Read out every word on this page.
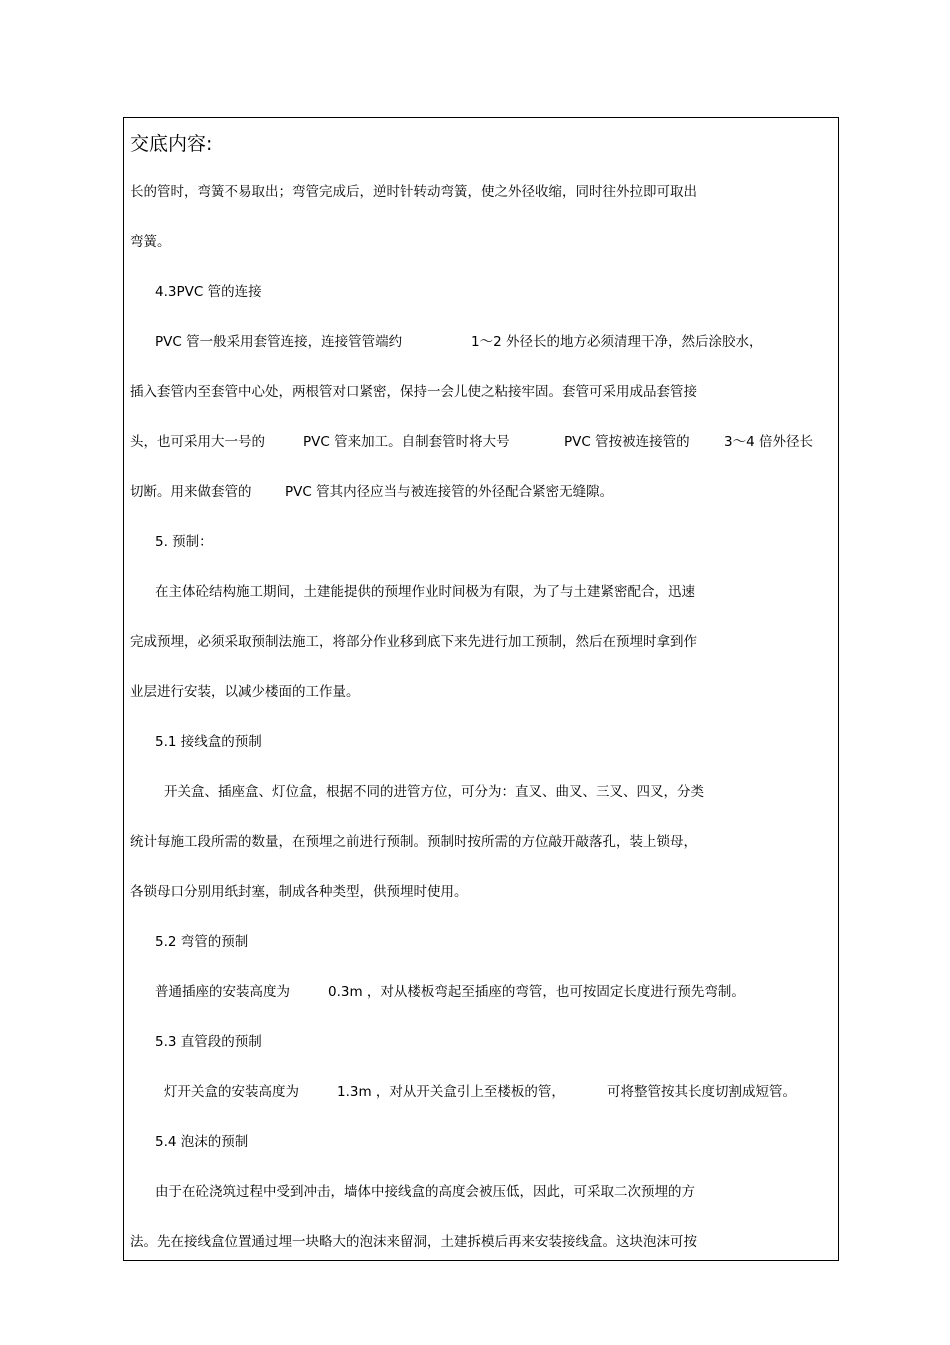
交底内容:
长的管时，弯簧不易取出；弯管完成后，逆时针转动弯簧，使之外径收缩，同时往外拉即可取出
弯簧。
4.3PVC 管的连接
PVC 管一般采用套管连接，连接管管端约	1～2 外径长的地方必须清理干净，然后涂胶水，
插入套管内至套管中心处，两根管对口紧密，保持一会儿使之粘接牢固。套管可采用成品套管接
头，也可采用大一号的	PVC 管来加工。自制套管时将大号	PVC 管按被连接管的	3～4 倍外径长
切断。用来做套管的 PVC 管其内径应当与被连接管的外径配合紧密无缝隙。
5. 预制：
在主体砼结构施工期间，土建能提供的预埋作业时间极为有限，为了与土建紧密配合，迅速
完成预埋，必须采取预制法施工，将部分作业移到底下来先进行加工预制，然后在预埋时拿到作
业层进行安装，以减少楼面的工作量。
5.1 接线盒的预制
开关盒、插座盒、灯位盒，根据不同的进管方位，可分为：直叉、曲叉、三叉、四叉，分类
统计每施工段所需的数量，在预埋之前进行预制。预制时按所需的方位敲开敲落孔，装上锁母，
各锁母口分别用纸封塞，制成各种类型，供预埋时使用。
5.2 弯管的预制
普通插座的安装高度为	0.3m ，对从楼板弯起至插座的弯管，也可按固定长度进行预先弯制。
5.3 直管段的预制
灯开关盒的安装高度为	1.3m ，对从开关盒引上至楼板的管，	可将整管按其长度切割成短管。
5.4 泡沫的预制
由于在砼浇筑过程中受到冲击，墙体中接线盒的高度会被压低，因此，可采取二次预埋的方
法。先在接线盒位置通过埋一块略大的泡沫来留洞，土建拆模后再来安装接线盒。这块泡沫可按
